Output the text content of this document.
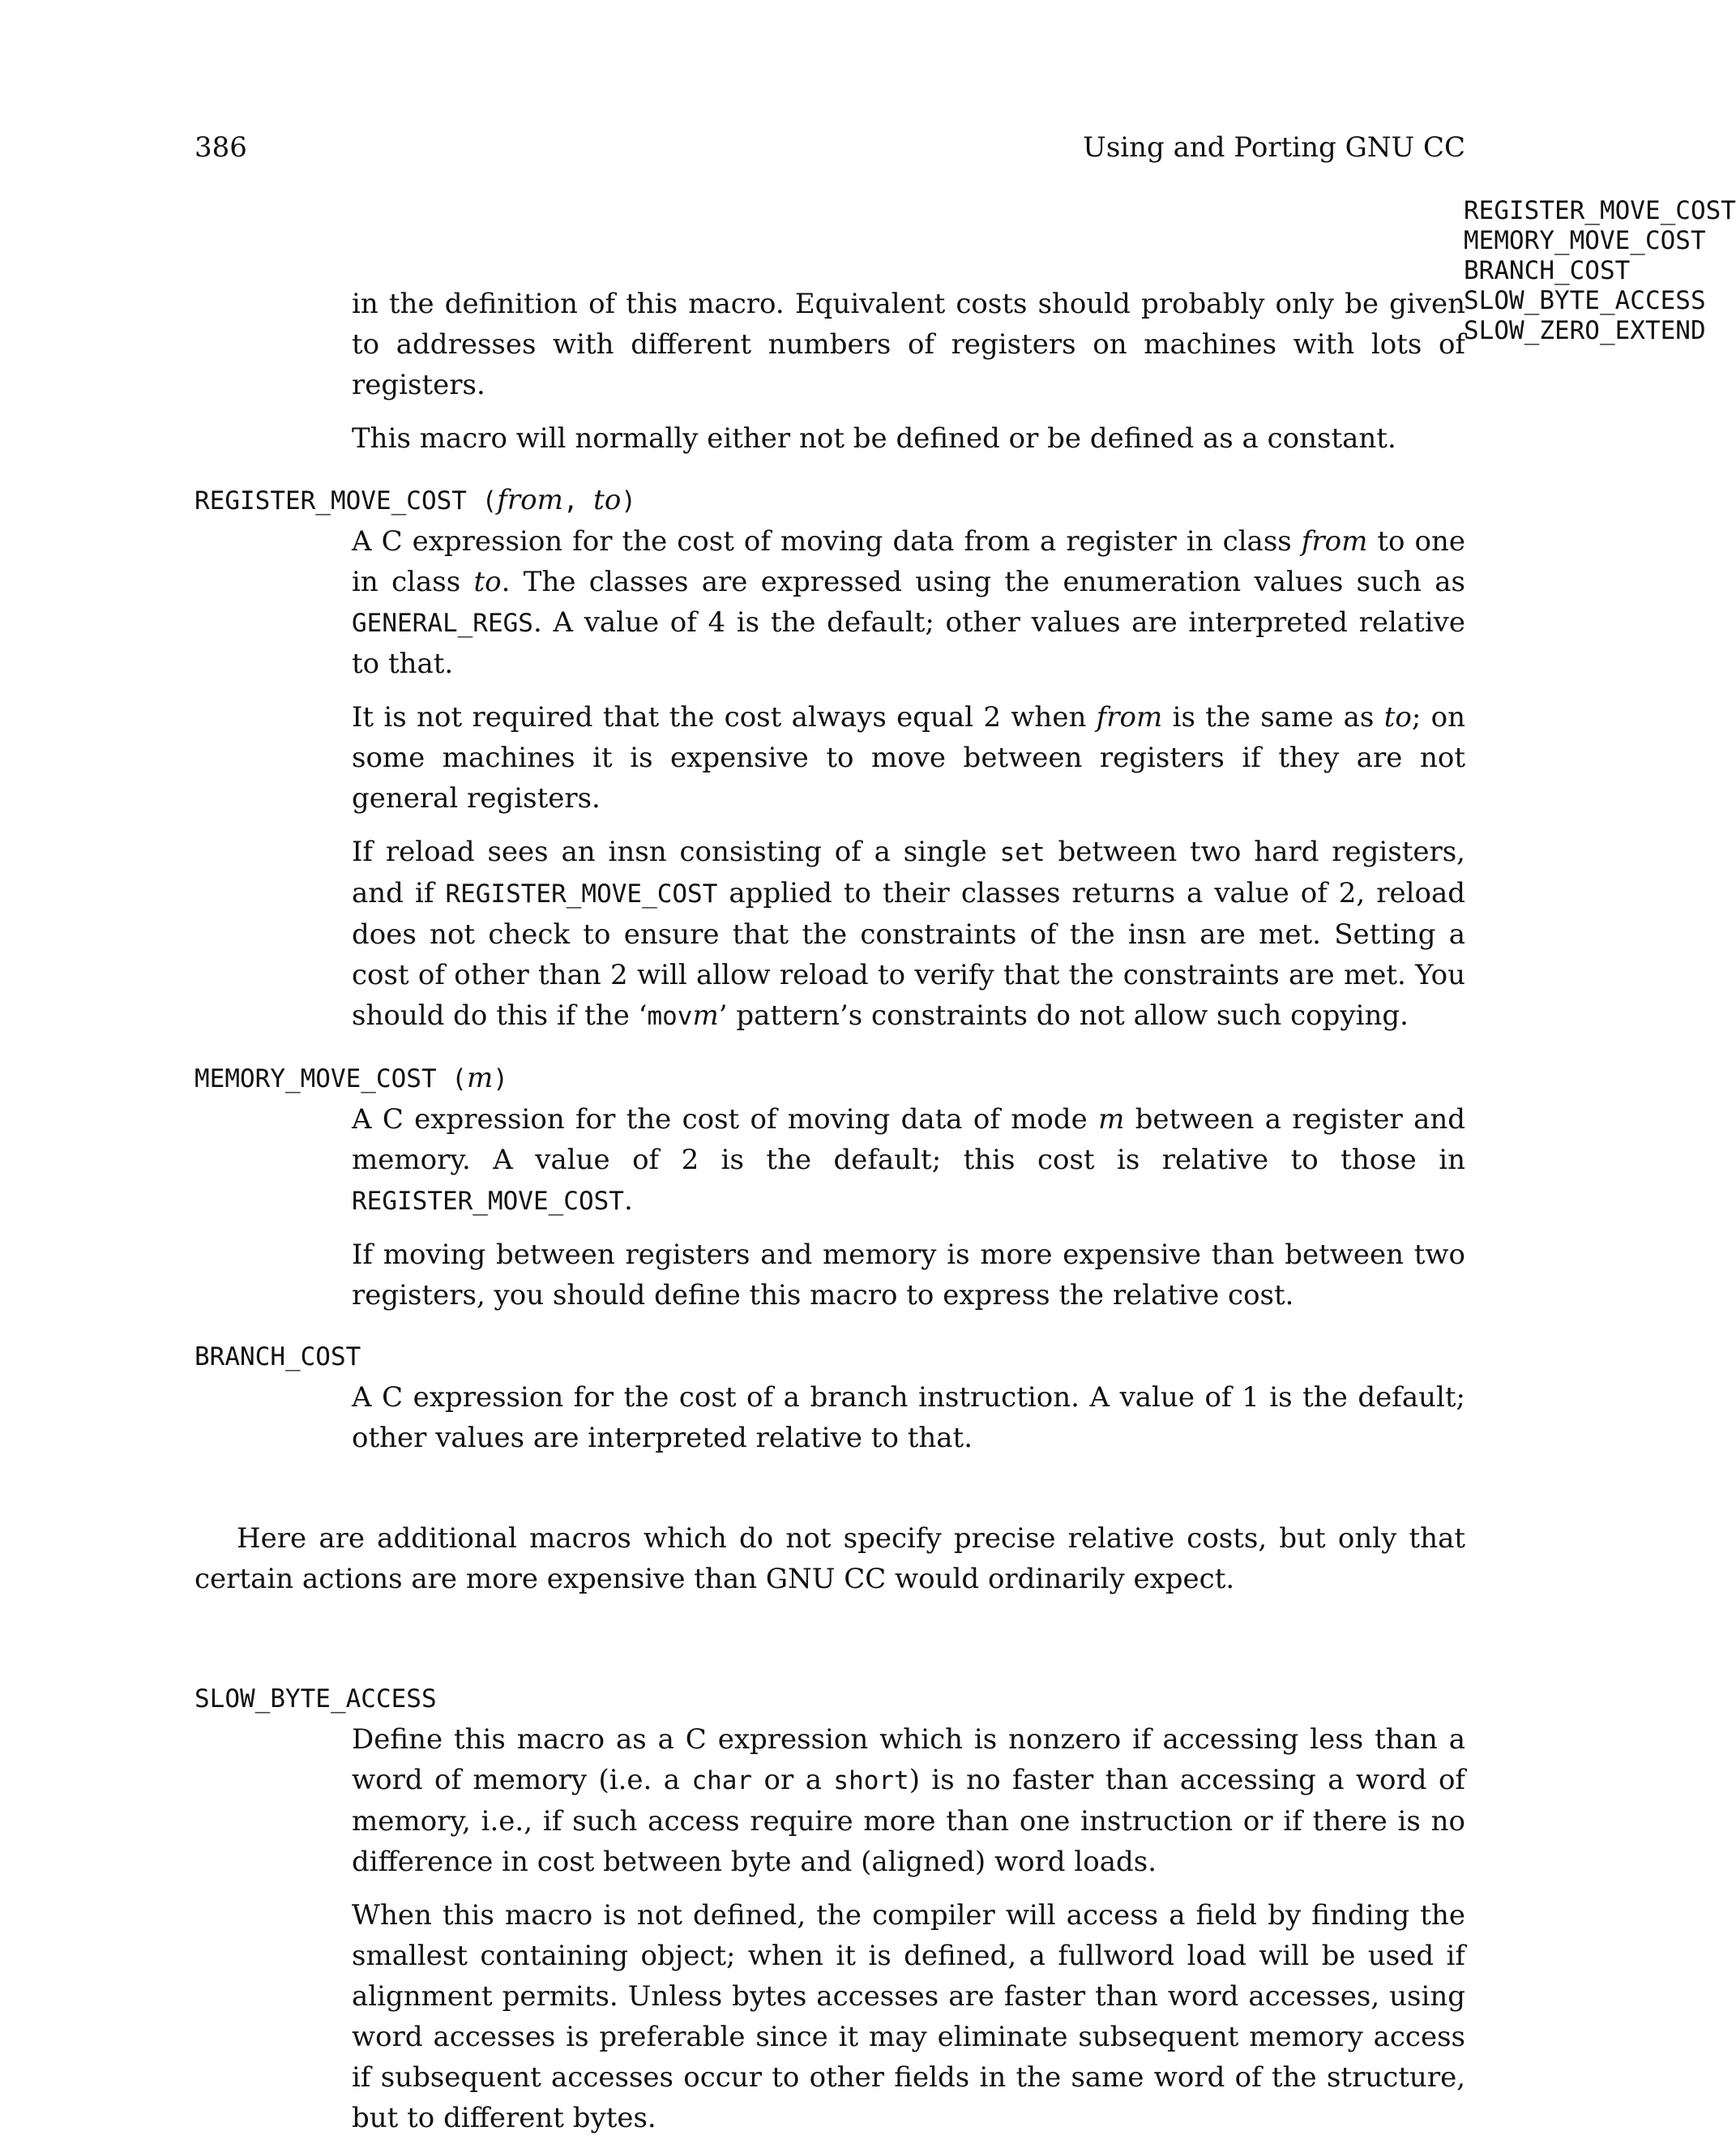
386	Using and Porting GNU CC
REGISTER_MOVE_COST
MEMORY_MOVE_COST
BRANCH_COST
SLOW_BYTE_ACCESS
SLOW_ZERO_EXTEND

in the definition of this macro. Equivalent costs should probably only be given to addresses with different numbers of registers on machines with lots of registers.

This macro will normally either not be defined or be defined as a constant.

REGISTER_MOVE_COST (from, to)

A C expression for the cost of moving data from a register in class from to one in class to. The classes are expressed using the enumeration values such as GENERAL_REGS. A value of 4 is the default; other values are interpreted relative to that.

It is not required that the cost always equal 2 when from is the same as to; on some machines it is expensive to move between registers if they are not general registers.

If reload sees an insn consisting of a single set between two hard registers, and if REGISTER_MOVE_COST applied to their classes returns a value of 2, reload does not check to ensure that the constraints of the insn are met. Setting a cost of other than 2 will allow reload to verify that the constraints are met. You should do this if the ‘movm’ pattern’s constraints do not allow such copying.

MEMORY_MOVE_COST (m)

A C expression for the cost of moving data of mode m between a register and memory. A value of 2 is the default; this cost is relative to those in REGISTER_MOVE_COST.

If moving between registers and memory is more expensive than between two registers, you should define this macro to express the relative cost.

BRANCH_COST

A C expression for the cost of a branch instruction. A value of 1 is the default; other values are interpreted relative to that.

Here are additional macros which do not specify precise relative costs, but only that certain actions are more expensive than GNU CC would ordinarily expect.

SLOW_BYTE_ACCESS

Define this macro as a C expression which is nonzero if accessing less than a word of memory (i.e. a char or a short) is no faster than accessing a word of memory, i.e., if such access require more than one instruction or if there is no difference in cost between byte and (aligned) word loads.

When this macro is not defined, the compiler will access a field by finding the smallest containing object; when it is defined, a fullword load will be used if alignment permits. Unless bytes accesses are faster than word accesses, using word accesses is preferable since it may eliminate subsequent memory access if subsequent accesses occur to other fields in the same word of the structure, but to different bytes.
